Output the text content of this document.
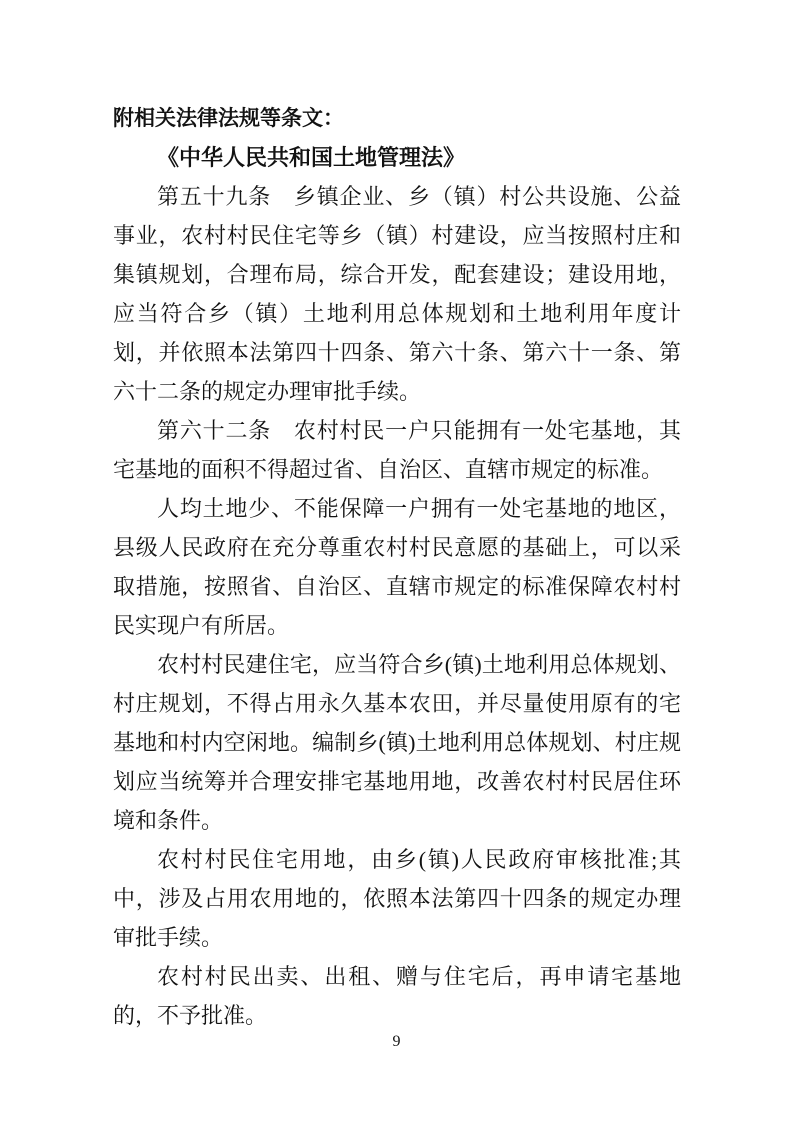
附相关法律法规等条文：

《中华人民共和国土地管理法》

第五十九条　乡镇企业、乡（镇）村公共设施、公益事业，农村村民住宅等乡（镇）村建设，应当按照村庄和集镇规划，合理布局，综合开发，配套建设；建设用地，应当符合乡（镇）土地利用总体规划和土地利用年度计划，并依照本法第四十四条、第六十条、第六十一条、第六十二条的规定办理审批手续。

第六十二条　农村村民一户只能拥有一处宅基地，其宅基地的面积不得超过省、自治区、直辖市规定的标准。

人均土地少、不能保障一户拥有一处宅基地的地区，县级人民政府在充分尊重农村村民意愿的基础上，可以采取措施，按照省、自治区、直辖市规定的标准保障农村村民实现户有所居。

农村村民建住宅，应当符合乡(镇)土地利用总体规划、村庄规划，不得占用永久基本农田，并尽量使用原有的宅基地和村内空闲地。编制乡(镇)土地利用总体规划、村庄规划应当统筹并合理安排宅基地用地，改善农村村民居住环境和条件。

农村村民住宅用地，由乡(镇)人民政府审核批准;其中，涉及占用农用地的，依照本法第四十四条的规定办理审批手续。

农村村民出卖、出租、赠与住宅后，再申请宅基地的，不予批准。

9
